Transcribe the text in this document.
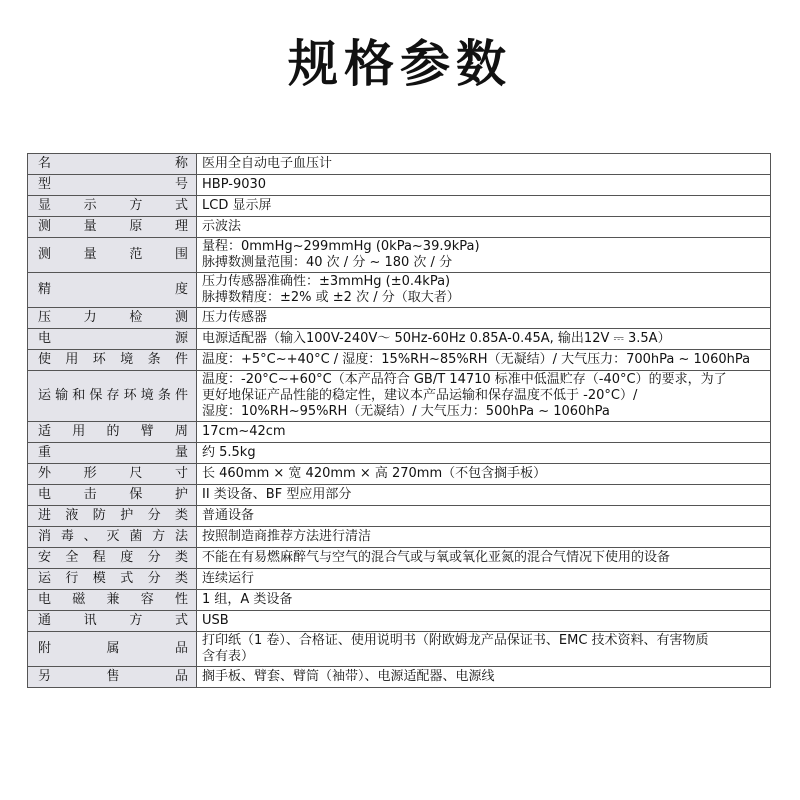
规格参数
名称	医用全自动电子血压计
型号	HBP-9030
显示方式	LCD 显示屏
测量原理	示波法
测量范围	量程：0mmHg~299mmHg (0kPa~39.9kPa)
脉搏数测量范围：40 次 / 分 ~ 180 次 / 分
精度	压力传感器准确性：±3mmHg (±0.4kPa)
脉搏数精度：±2% 或 ±2 次 / 分（取大者）
压力检测	压力传感器
电源	电源适配器（输入100V-240V～ 50Hz-60Hz 0.85A-0.45A, 输出12V ⎓ 3.5A）
使用环境条件	温度：+5°C~+40°C / 湿度：15%RH~85%RH（无凝结）/ 大气压力：700hPa ~ 1060hPa
运输和保存环境条件	温度：-20°C~+60°C（本产品符合 GB/T 14710 标准中低温贮存（-40°C）的要求，为了
更好地保证产品性能的稳定性，建议本产品运输和保存温度不低于 -20°C）/
湿度：10%RH~95%RH（无凝结）/ 大气压力：500hPa ~ 1060hPa
适用的臂周	17cm~42cm
重量	约 5.5kg
外形尺寸	长 460mm × 宽 420mm × 高 270mm（不包含搁手板）
电击保护	II 类设备、BF 型应用部分
进液防护分类	普通设备
消毒、灭菌方法	按照制造商推荐方法进行清洁
安全程度分类	不能在有易燃麻醉气与空气的混合气或与氧或氧化亚氮的混合气情况下使用的设备
运行模式分类	连续运行
电磁兼容性	1 组，A 类设备
通讯方式	USB
附属品	打印纸（1 卷）、合格证、使用说明书（附欧姆龙产品保证书、EMC 技术资料、有害物质
含有表）
另售品	搁手板、臂套、臂筒（袖带）、电源适配器、电源线
